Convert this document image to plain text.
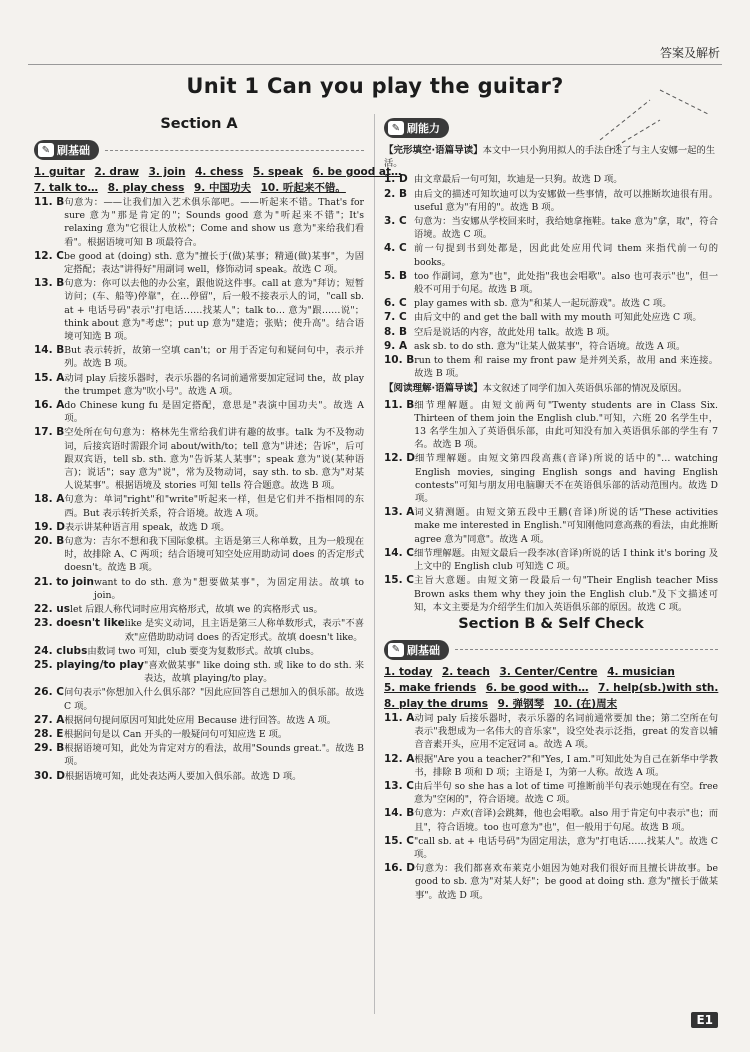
答案及解析
Unit 1 Can you play the guitar?
Section A
✎ 刷基础
1. guitar 2. draw 3. join 4. chess 5. speak 6. be good at…
7. talk to… 8. play chess 9. 中国功夫 10. 听起来不错。
11. B 句意为：——让我们加入艺术俱乐部吧。——听起来不错。That's for sure 意为"那是肯定的"；Sounds good 意为"听起来不错"；It's relaxing 意为"它很让人放松"；Come and show us 意为"来给我们看看"。根据语境可知 B 项最符合。
12. C be good at (doing) sth. 意为"擅长于(做)某事；精通(做)某事"，为固定搭配；表达"讲得好"用副词 well，修饰动词 speak。故选 C 项。
13. B 句意为：你可以去他的办公室，跟他说这件事。call at 意为"拜访；短暂访问；(车、船等)停靠"，在…停留"，后一般不接表示人的词，"call sb. at + 电话号码"表示"打电话……找某人"；talk to… 意为"跟……说"；think about 意为"考虑"；put up 意为"建造；张贴；使升高"。结合语境可知选 B 项。
14. B But 表示转折，故第一空填 can't；or 用于否定句和疑问句中，表示并列。故选 B 项。
15. A 动词 play 后接乐器时，表示乐器的名词前通常要加定冠词 the，故 play the trumpet 意为"吹小号"。故选 A 项。
16. A do Chinese kung fu 是固定搭配，意思是"表演中国功夫"。故选 A 项。
17. B 空处所在句句意为：格林先生常给我们讲有趣的故事。talk 为不及物动词，后接宾语时需跟介词 about/with/to；tell 意为"讲述；告诉"，后可跟双宾语，tell sb. sth. 意为"告诉某人某事"；speak 意为"说(某种语言)；说话"；say 意为"说"，常为及物动词，say sth. to sb. 意为"对某人说某事"。根据语境及 stories 可知 tells 符合题意。故选 B 项。
18. A 句意为：单词"right"和"write"听起来一样，但是它们并不指相同的东西。But 表示转折关系，符合语境。故选 A 项。
19. D 表示讲某种语言用 speak，故选 D 项。
20. B 句意为：吉尔不想和我下国际象棋。主语是第三人称单数，且为一般现在时，故排除 A、C 两项；结合语境可知空处应用助动词 does 的否定形式 doesn't。故选 B 项。
21. to join want to do sth. 意为"想要做某事"，为固定用法。故填 to join。
22. us let 后跟人称代词时应用宾格形式，故填 we 的宾格形式 us。
23. doesn't like like 是实义动词，且主语是第三人称单数形式，表示"不喜欢"应借助助动词 does 的否定形式。故填 doesn't like。
24. clubs 由数词 two 可知，club 要变为复数形式。故填 clubs。
25. playing/to play "喜欢做某事" like doing sth. 或 like to do sth. 来表达，故填 playing/to play。
26. C 问句表示"你想加入什么俱乐部？"因此应回答自己想加入的俱乐部。故选 C 项。
27. A 根据问句提问原因可知此处应用 Because 进行回答。故选 A 项。
28. E 根据问句是以 Can 开头的一般疑问句可知应选 E 项。
29. B 根据语境可知，此处为肯定对方的看法，故用"Sounds great."。故选 B 项。
30. D 根据语境可知，此处表达两人要加入俱乐部。故选 D 项。
✎ 刷能力
【完形填空·语篇导读】本文中一只小狗用拟人的手法自述了与主人安娜一起的生活。
1. D 由文章最后一句可知，坎迪是一只狗。故选 D 项。
2. B 由后文的描述可知坎迪可以为安娜做一些事情，故可以推断坎迪很有用。useful 意为"有用的"。故选 B 项。
3. C 句意为：当安娜从学校回来时，我给她拿拖鞋。take 意为"拿，取"，符合语境。故选 C 项。
4. C 前一句提到书到处都是，因此此处应用代词 them 来指代前一句的 books。
5. B too 作副词，意为"也"，此处指"我也会唱歌"。also 也可表示"也"，但一般不可用于句尾。故选 B 项。
6. C play games with sb. 意为"和某人一起玩游戏"。故选 C 项。
7. C 由后文中的 and get the ball with my mouth 可知此处应选 C 项。
8. B 空后是说话的内容，故此处用 talk。故选 B 项。
9. A ask sb. to do sth. 意为"让某人做某事"，符合语境。故选 A 项。
10. B run to them 和 raise my front paw 是并列关系，故用 and 来连接。故选 B 项。
【阅读理解·语篇导读】本文叙述了同学们加入英语俱乐部的情况及原因。
11. B 细节理解题。由短文前两句"Twenty students are in Class Six. Thirteen of them join the English club."可知，六班 20 名学生中，13 名学生加入了英语俱乐部，由此可知没有加入英语俱乐部的学生有 7 名。故选 B 项。
12. D 细节理解题。由短文第四段高燕(音译)所说的话中的"… watching English movies, singing English songs and having English contests"可知与朋友用电脑聊天不在英语俱乐部的活动范围内。故选 D 项。
13. A 词义猜测题。由短文第五段中王鹏(音译)所说的话"These activities make me interested in English."可知刚他同意高燕的看法，由此推断 agree 意为"同意"。故选 A 项。
14. C 细节理解题。由短文最后一段李冰(音译)所说的话 I think it's boring 及上文中的 English club 可知选 C 项。
15. C 主旨大意题。由短文第一段最后一句"Their English teacher Miss Brown asks them why they join the English club."及下文描述可知，本文主要是为介绍学生们加入英语俱乐部的原因。故选 C 项。
Section B & Self Check
✎ 刷基础
1. today 2. teach 3. Center/Centre 4. musician
5. make friends 6. be good with… 7. help(sb.)with sth.
8. play the drums 9. 弹钢琴 10. (在)周末
11. A 动词 paly 后接乐器时，表示乐器的名词前通常要加 the；第二空所在句表示"我想成为一名伟大的音乐家"，设空处表示泛指，great 的发音以辅音音素开头，应用不定冠词 a。故选 A 项。
12. A 根据"Are you a teacher?"和"Yes, I am."可知此处为自己在新华中学教书，排除 B 项和 D 项；主语是 I，为第一人称。故选 A 项。
13. C 由后半句 so she has a lot of time 可推断前半句表示她现在有空。free 意为"空闲的"，符合语境。故选 C 项。
14. B 句意为：卢欢(音译)会跳舞，他也会唱歌。also 用于肯定句中表示"也；而且"，符合语境。too 也可意为"也"，但一般用于句尾。故选 B 项。
15. C "call sb. at + 电话号码"为固定用法，意为"打电话……找某人"。故选 C 项。
16. D 句意为：我们都喜欢布莱克小姐因为她对我们很好而且擅长讲故事。be good to sb. 意为"对某人好"；be good at doing sth. 意为"擅长于做某事"。故选 D 项。
E1
